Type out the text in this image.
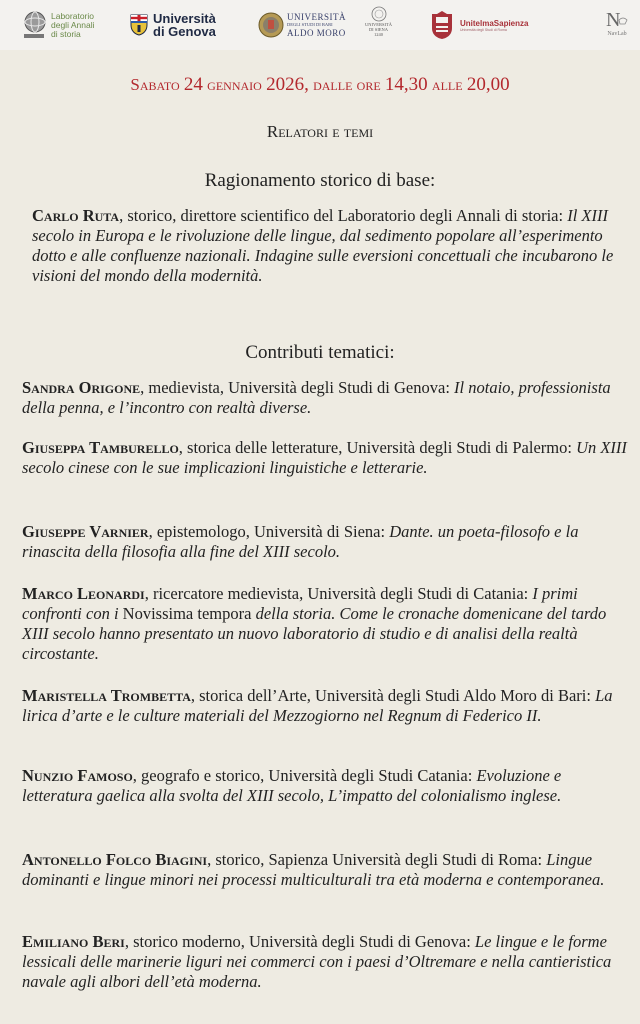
Laboratorio
degli Annali
di storia
Università
di Genova
UNIVERSITÀ
DEGLI STUDI DI BARI
ALDO MORO
UNIVERSITÀ
DI SIENA
1240
UnitelmaSapienza
Università degli Studi di Roma	N
NavLab
Sabato 24 gennaio 2026, dalle ore 14,30 alle 20,00
Relatori e temi
Ragionamento storico di base:
Carlo Ruta, storico, direttore scientifico del Laboratorio degli Annali di storia: Il XIII secolo in Europa e le rivoluzione delle lingue, dal sedimento popolare all’esperimento dotto e alle confluenze nazionali. Indagine sulle eversioni concettuali che incubarono le visioni del mondo della modernità.
Contributi tematici:
Sandra Origone, medievista, Università degli Studi di Genova: Il notaio, professionista della penna, e l’incontro con realtà diverse.
Giuseppa Tamburello, storica delle letterature, Università degli Studi di Palermo: Un XIII secolo cinese con le sue implicazioni linguistiche e letterarie.
Giuseppe Varnier, epistemologo, Università di Siena: Dante. un poeta-filosofo e la rinascita della filosofia alla fine del XIII secolo.
Marco Leonardi, ricercatore medievista, Università degli Studi di Catania: I primi confronti con i Novissima tempora della storia. Come le cronache domenicane del tardo XIII secolo hanno presentato un nuovo laboratorio di studio e di analisi della realtà circostante.
Maristella Trombetta, storica dell’Arte, Università degli Studi Aldo Moro di Bari: La lirica d’arte e le culture materiali del Mezzogiorno nel Regnum di Federico II.
Nunzio Famoso, geografo e storico, Università degli Studi Catania: Evoluzione e letteratura gaelica alla svolta del XIII secolo, L’impatto del colonialismo inglese.
Antonello Folco Biagini, storico, Sapienza Università degli Studi di Roma: Lingue dominanti e lingue minori nei processi multiculturali tra età moderna e contemporanea.
Emiliano Beri, storico moderno, Università degli Studi di Genova: Le lingue e le forme lessicali delle marinerie liguri nei commerci con i paesi d’Oltremare e nella cantieristica navale agli albori dell’età moderna.
